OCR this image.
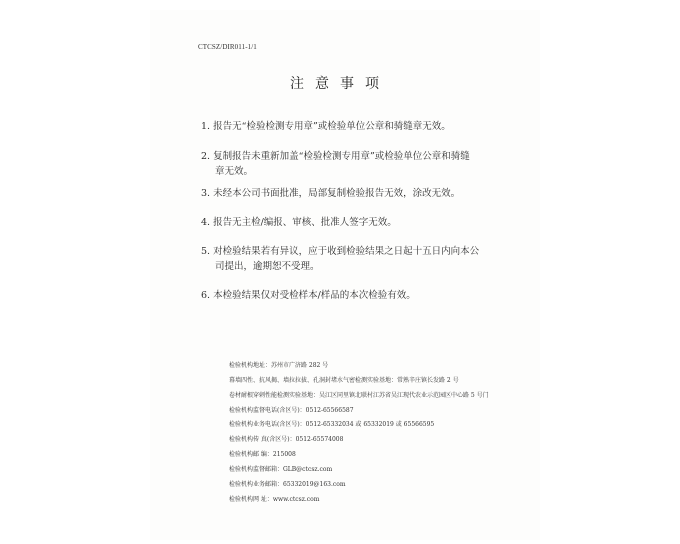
CTCSZ/DIR011-1/1
注意事项
1. 报告无“检验检测专用章”或检验单位公章和骑缝章无效。
2. 复制报告未重新加盖“检验检测专用章”或检验单位公章和骑缝
章无效。
3. 未经本公司书面批准，局部复制检验报告无效，涂改无效。
4. 报告无主检/编报、审核、批准人签字无效。
5. 对检验结果若有异议，应于收到检验结果之日起十五日内向本公
司提出，逾期恕不受理。
6. 本检验结果仅对受检样本/样品的本次检验有效。
检验机构地址：苏州市广济路 282 号
幕墙四性、抗风揭、墙拉拉拔、孔洞封堵水气密检测实验基地：常熟辛庄镇长发路 2 号
卷材耐根穿刺性能检测实验基地：吴江区同里镇北联村江苏省吴江现代农业示范园区中心路 5 号门
检验机构监督电话(含区号)：0512-65566587
检验机构业务电话(含区号)：0512-65332034 或 65332019 或 65566595
检验机构传 真(含区号)：0512-65574008
检验机构邮 编：215008
检验机构监督邮箱：GLB@ctcsz.com
检验机构业务邮箱：65332019@163.com
检验机构网 址：www.ctcsz.com
